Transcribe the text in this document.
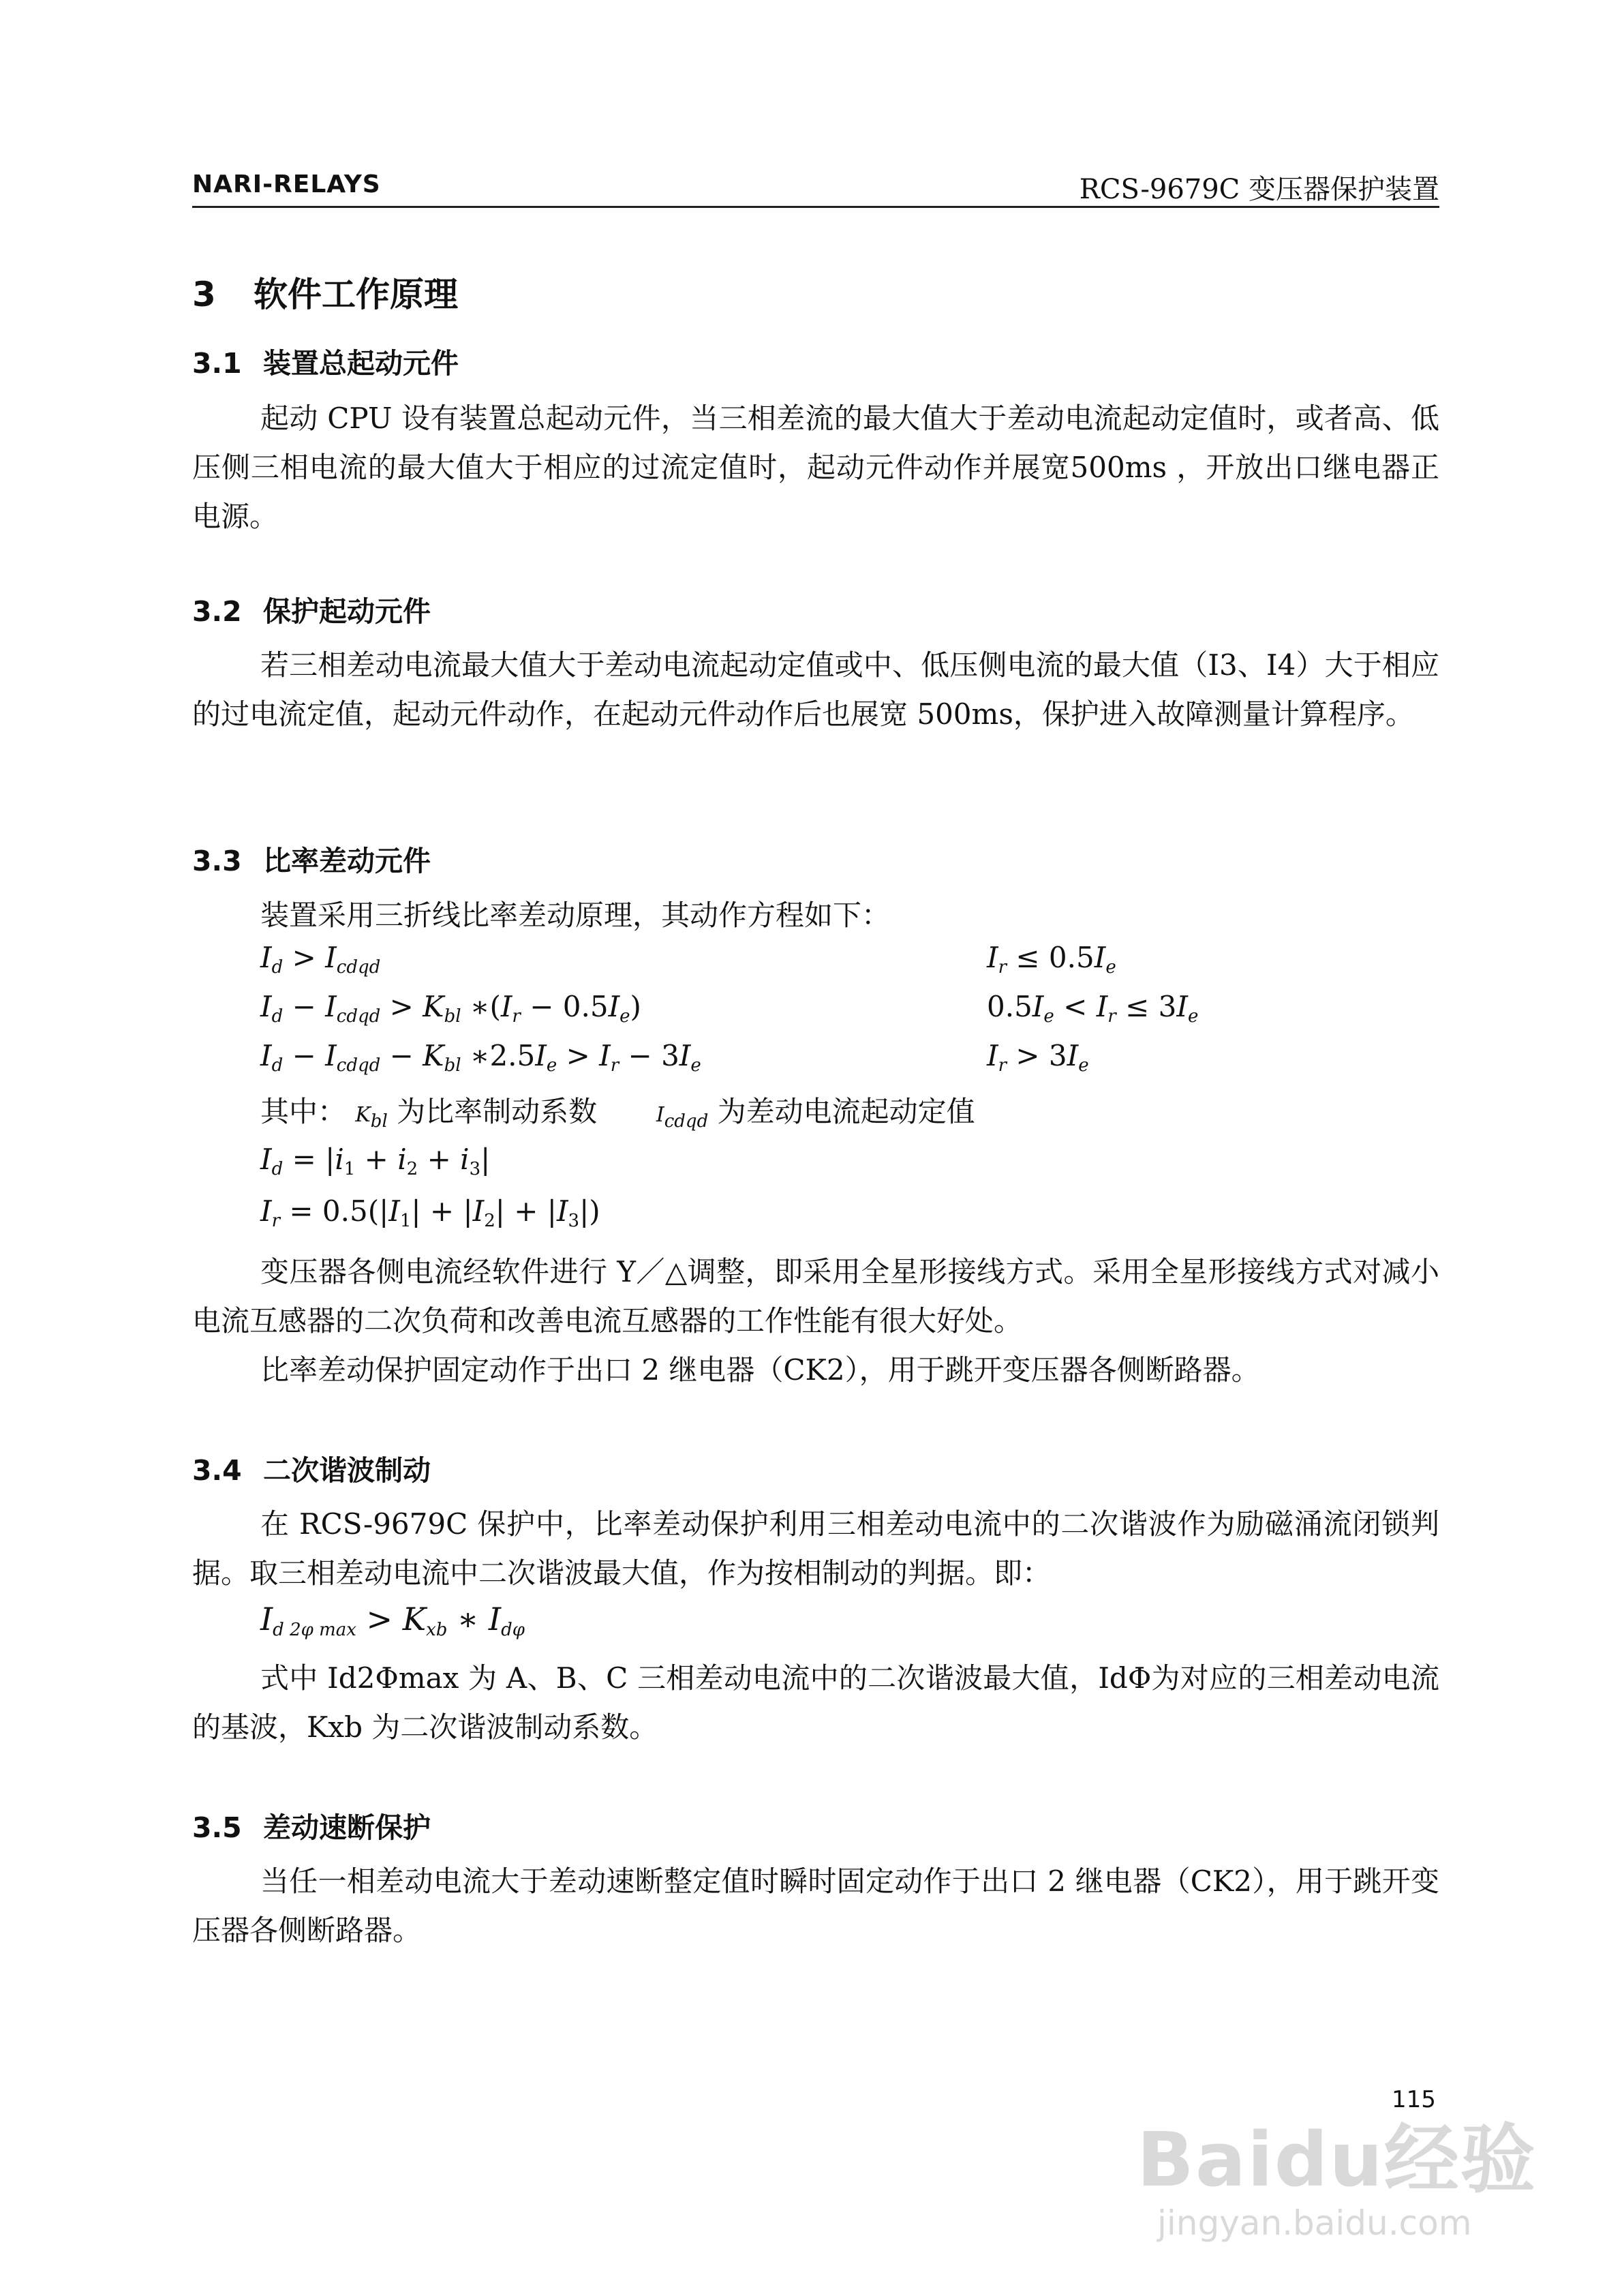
NARI-RELAYS	RCS-9679C 变压器保护装置
3 软件工作原理
3.1 装置总起动元件

起动 CPU 设有装置总起动元件，当三相差流的最大值大于差动电流起动定值时，或者高、低压侧三相电流的最大值大于相应的过流定值时，起动元件动作并展宽500ms ，开放出口继电器正电源。

3.2 保护起动元件

若三相差动电流最大值大于差动电流起动定值或中、低压侧电流的最大值（I3、I4）大于相应的过电流定值，起动元件动作，在起动元件动作后也展宽 500ms，保护进入故障测量计算程序。

3.3 比率差动元件
装置采用三折线比率差动原理，其动作方程如下：
$I_d > I_{cdqd}$	$I_r \le 0.5I_e$
$I_d - I_{cdqd} > K_{bl}$ $∗(I_r - 0.5I_e)$	$0.5I_e < I_r \le 3I_e$
$I_d - I_{cdqd} - K_{bl}$ $∗2.5I_e > I_r - 3I_e$	$I_r > 3I_e$
其中： $K_{bl}$ 为比率制动系数	$I_{cdqd}$ 为差动电流起动定值
$I_d = |i_1 + i_2 + i_3|$
$I_r = 0.5(|I_1| + |I_2| + |I_3|)$

变压器各侧电流经软件进行 Y／△调整，即采用全星形接线方式。采用全星形接线方式对减小电流互感器的二次负荷和改善电流互感器的工作性能有很大好处。

比率差动保护固定动作于出口 2 继电器（CK2），用于跳开变压器各侧断路器。

3.4 二次谐波制动

在 RCS-9679C 保护中，比率差动保护利用三相差动电流中的二次谐波作为励磁涌流闭锁判据。取三相差动电流中二次谐波最大值，作为按相制动的判据。即：

$I_{d 2\varphi max} > K_{xb}$ ∗ $I_{d\varphi}$

式中 Id2Φmax 为 A、B、C 三相差动电流中的二次谐波最大值，IdΦ为对应的三相差动电流的基波，Kxb 为二次谐波制动系数。

3.5 差动速断保护

当任一相差动电流大于差动速断整定值时瞬时固定动作于出口 2 继电器（CK2），用于跳开变压器各侧断路器。

115
Baidu经验
jingyan.baidu.com
